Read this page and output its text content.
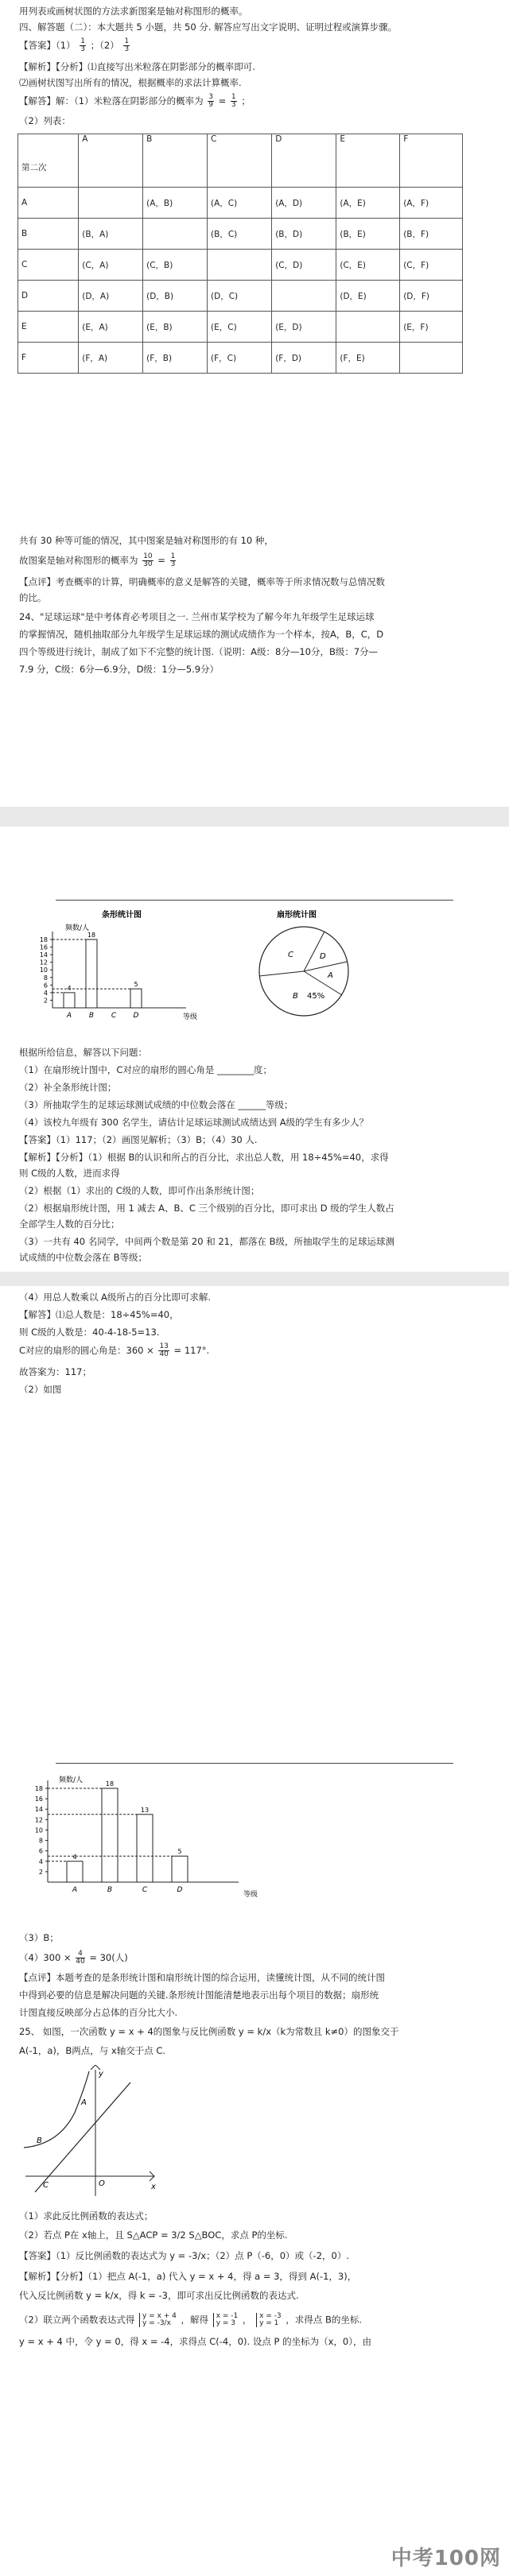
用列表或画树状图的方法求新图案是轴对称图形的概率。
四、解答题（二）：本大题共 5 小题，共 50 分. 解答应写出文字说明、证明过程或演算步骤。
【答案】$(1) \frac{1}{3}$ ；$(2) \frac{1}{3}$
【解析】【分析】⑴直接写出米粒落在阴影部分的概率即可.
⑵画树状图写出所有的情况，根据概率的求法计算概率.
【解答】解：（1）米粒落在阴影部分的概率为 $\frac{3}{9} = \frac{1}{3}$ ；
（2）列表：
第二次	A	B	C	D	E	F
A		(A，B)	(A，C)	(A，D)	(A，E)	(A，F)
B	(B，A)		(B，C)	(B，D)	(B，E)	(B，F)
C	(C，A)	(C，B)		(C，D)	(C，E)	(C，F)
D	(D，A)	(D，B)	(D，C)		(D，E)	(D，F)
E	(E，A)	(E，B)	(E，C)	(E，D)		(E，F)
F	(F，A)	(F，B)	(F，C)	(F，D)	(F，E)	
共有 30 种等可能的情况，其中图案是轴对称图形的有 10 种，
故图案是轴对称图形的概率为 $\frac{10}{30} = \frac{1}{3}$
【点评】考查概率的计算，明确概率的意义是解答的关键，概率等于所求情况数与总情况数
的比。
24、"足球运球"是中考体育必考项目之一. 兰州市某学校为了解今年九年级学生足球运球
的掌握情况，随机抽取部分九年级学生足球运球的测试成绩作为一个样本，按A，B，C，D
四个等级进行统计，制成了如下不完整的统计图.（说明：A级：8分—10分，B级：7分—
7.9 分，C级：6分—6.9分，D级：1分—5.9分）
条形统计图
频数/人
等级
2
4
6
8
10
12
14
16
18
4
A
18
B C
5
D
扇形统计图
C	D
A
B 45%
根据所给信息，解答以下问题：
（1）在扇形统计图中，C对应的扇形的圆心角是 ________度；
（2）补全条形统计图；
（3）所抽取学生的足球运球测试成绩的中位数会落在 ______等级；
（4）该校九年级有 300 名学生，请估计足球运球测试成绩达到 A级的学生有多少人？
【答案】（1）117；（2）画图见解析；（3）B；（4）30 人.
【解析】【分析】（1）根据 B的认识和所占的百分比，求出总人数，用 18÷45%=40，求得
则 C级的人数，进而求得
（2）根据（1）求出的 C级的人数，即可作出条形统计图；
（2）根据扇形统计图，用 1 减去 A、B、C 三个级别的百分比，即可求出 D 级的学生人数占
全部学生人数的百分比；
（3）一共有 40 名同学，中间两个数是第 20 和 21，都落在 B级，所抽取学生的足球运球测
试成绩的中位数会落在 B等级；
（4）用总人数乘以 A级所占的百分比即可求解.
【解答】⑴总人数是：18÷45%=40，
则 C级的人数是：40-4-18-5=13.
C对应的扇形的圆心角是：$360 \times \frac{13}{40} = 117^\circ$.
故答案为：117；
（2）如图
频数/人
等级
2
4
6
8
10
12
14
16
18
4
A
18
B
13
C
5
D
（3）B；
$(4)300 \times \frac{4}{40} = 30$(人)
【点评】本题考查的是条形统计图和扇形统计图的综合运用，读懂统计图，从不同的统计图
中得到必要的信息是解决问题的关键.条形统计图能清楚地表示出每个项目的数据；扇形统
计图直接反映部分占总体的百分比大小.
25、 如图，一次函数 y = x + 4的图象与反比例函数 y = k/x（k为常数且 k≠0）的图象交于
A(-1，a)，B两点，与 x轴交于点 C.
y
A
B
C	O	x
（1）求此反比例函数的表达式；
（2）若点 P在 x轴上，且 S△ACP = 3/2 S△BOC，求点 P的坐标.
【答案】（1）反比例函数的表达式为 y = -3/x；（2）点 P（-6，0）或（-2，0）.
【解析】【分析】（1）把点 A(-1，a) 代入 y = x + 4，得 a = 3，得到 A(-1，3)，
代入反比例函数 y = k/x，得 k = -3，即可求出反比例函数的表达式.
（2）联立两个函数表达式得 y = x + 4
y = -3/x	，解得 x = -1
y = 3 ， x = -3
y = 1 ，求得点 B的坐标.
y = x + 4 中，令 y = 0，得 x = -4，求得点 C(-4，0). 设点 P 的坐标为（x，0），由
中考100网
